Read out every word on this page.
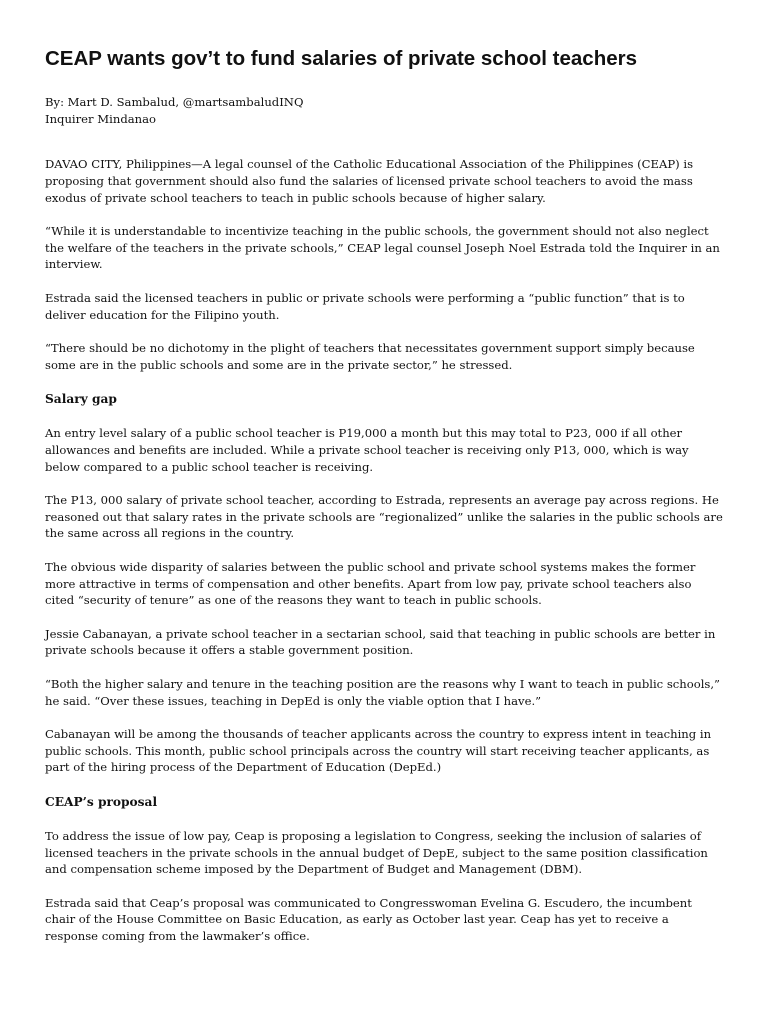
CEAP wants gov’t to fund salaries of private school teachers
By: Mart D. Sambalud, @martsambaludINQ
Inquirer Mindanao

DAVAO CITY, Philippines—A legal counsel of the Catholic Educational Association of the Philippines (CEAP) is proposing that government should also fund the salaries of licensed private school teachers to avoid the mass exodus of private school teachers to teach in public schools because of higher salary.

“While it is understandable to incentivize teaching in the public schools, the government should not also neglect the welfare of the teachers in the private schools,” CEAP legal counsel Joseph Noel Estrada told the Inquirer in an interview.

Estrada said the licensed teachers in public or private schools were performing a “public function” that is to deliver education for the Filipino youth.

“There should be no dichotomy in the plight of teachers that necessitates government support simply because some are in the public schools and some are in the private sector,” he stressed.

Salary gap

An entry level salary of a public school teacher is P19,000 a month but this may total to P23, 000 if all other allowances and benefits are included. While a private school teacher is receiving only P13, 000, which is way below compared to a public school teacher is receiving.

The P13, 000 salary of private school teacher, according to Estrada, represents an average pay across regions. He reasoned out that salary rates in the private schools are “regionalized” unlike the salaries in the public schools are the same across all regions in the country.

The obvious wide disparity of salaries between the public school and private school systems makes the former more attractive in terms of compensation and other benefits. Apart from low pay, private school teachers also cited “security of tenure” as one of the reasons they want to teach in public schools.

Jessie Cabanayan, a private school teacher in a sectarian school, said that teaching in public schools are better in private schools because it offers a stable government position.

“Both the higher salary and tenure in the teaching position are the reasons why I want to teach in public schools,” he said. “Over these issues, teaching in DepEd is only the viable option that I have.”

Cabanayan will be among the thousands of teacher applicants across the country to express intent in teaching in public schools. This month, public school principals across the country will start receiving teacher applicants, as part of the hiring process of the Department of Education (DepEd.)

CEAP’s proposal

To address the issue of low pay, Ceap is proposing a legislation to Congress, seeking the inclusion of salaries of licensed teachers in the private schools in the annual budget of DepE, subject to the same position classification and compensation scheme imposed by the Department of Budget and Management (DBM).

Estrada said that Ceap’s proposal was communicated to Congresswoman Evelina G. Escudero, the incumbent chair of the House Committee on Basic Education, as early as October last year. Ceap has yet to receive a response coming from the lawmaker’s office.
